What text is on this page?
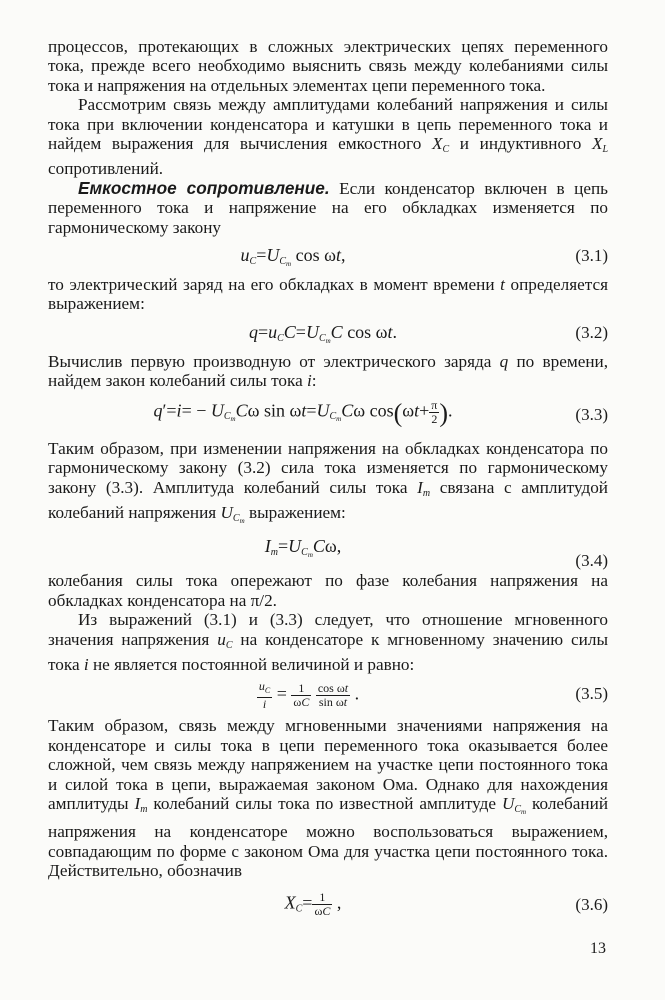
процессов, протекающих в сложных электрических цепях переменного тока, прежде всего необходимо выяснить связь между колебаниями силы тока и напряжения на отдельных элементах цепи переменного тока.

Рассмотрим связь между амплитудами колебаний напряжения и силы тока при включении конденсатора и катушки в цепь переменного тока и найдем выражения для вычисления емкостного $X_C$ и индуктивного $X_L$ сопротивлений.

Емкостное сопротивление. Если конденсатор включен в цепь переменного тока и напряжение на его обкладках изменяется по гармоническому закону

$u_C=U_{C_m}$ cos ωt,	(3.1)

то электрический заряд на его обкладках в момент времени t определяется выражением:

$q=u_CC=U_{C_m}C$ cos ωt.	(3.2)

Вычислив первую производную от электрического заряда q по времени, найдем закон колебаний силы тока i:

$q'=i= - U_{C_m}C\omega$ $\sin \omega t=U_{C_m}C\omega$ $\cos(\omega t+ \frac{\pi}{2}$ ).	(3.3)

Таким образом, при изменении напряжения на обкладках конденсатора по гармоническому закону (3.2) сила тока изменяется по гармоническому закону (3.3). Амплитуда колебаний силы тока $I_m$ связана с амплитудой колебаний напряжения $U_{C_m}$ выражением:

$I_m=U_{C_m}C\omega$,
(3.4)

колебания силы тока опережают по фазе колебания напряжения на обкладках конденсатора на π/2.

Из выражений (3.1) и (3.3) следует, что отношение мгновенного значения напряжения $u_C$ на конденсаторе к мгновенному значению силы тока i не является постоянной величиной и равно:

$\frac{u_C}{i} = \frac{1}{\omega C}$
$\frac{\text{cos ωt}}{\text{sin ωt}}$ .	(3.5)

Таким образом, связь между мгновенными значениями напряжения на конденсаторе и силы тока в цепи переменного тока оказывается более сложной, чем связь между напряжением на участке цепи постоянного тока и силой тока в цепи, выражаемая законом Ома. Однако для нахождения амплитуды $I_m$ колебаний силы тока по известной амплитуде $U_{C_m}$ колебаний напряжения на конденсаторе можно воспользоваться выражением, совпадающим по форме с законом Ома для участка цепи постоянного тока. Действительно, обозначив

$X_C= \frac{1}{\omega C}$ ,	(3.6)
13
